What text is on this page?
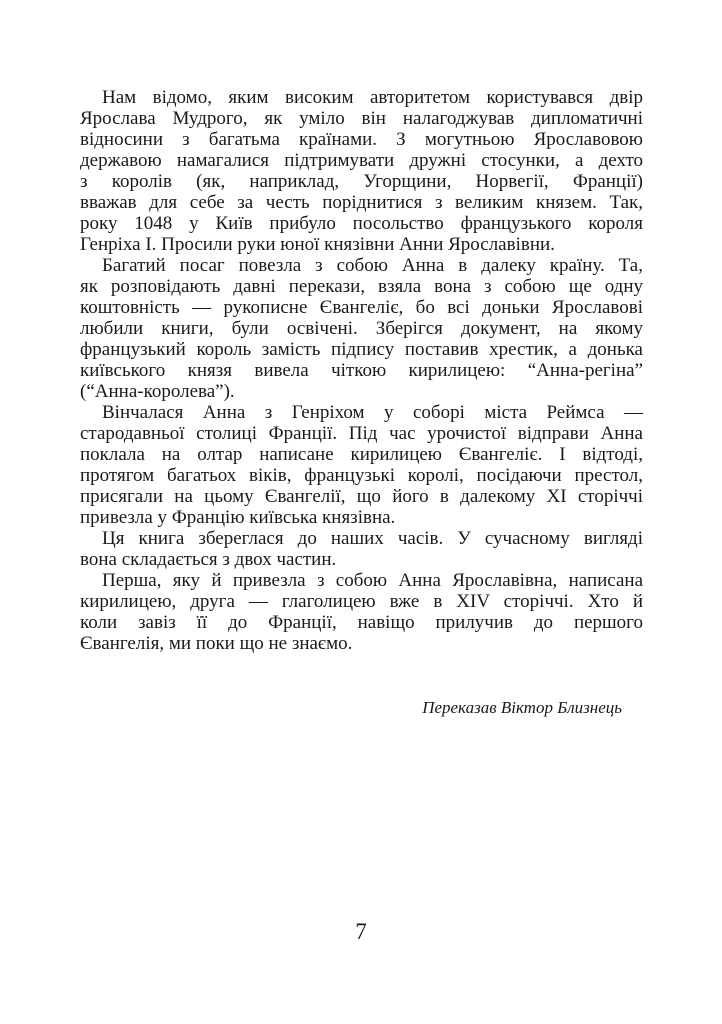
Нам відомо, яким високим авторитетом користувався двір
Ярослава Мудрого, як уміло він налагоджував дипломатичні
відносини з багатьма країнами. З могутньою Ярославовою
державою намагалися підтримувати дружні стосунки, а дехто
з королів (як, наприклад, Угорщини, Норвегії, Франції)
вважав для себе за честь поріднитися з великим князем. Так,
року 1048 у Київ прибуло посольство французького короля
Генріха І. Просили руки юної князівни Анни Ярославівни.
Багатий посаг повезла з собою Анна в далеку країну. Та,
як розповідають давні перекази, взяла вона з собою ще одну
коштовність — рукописне Євангеліє, бо всі доньки Ярославові
любили книги, були освічені. Зберігся документ, на якому
французький король замість підпису поставив хрестик, а донька
київського князя вивела чіткою кирилицею: “Анна-регіна”
(“Анна-королева”).
Вінчалася Анна з Генріхом у соборі міста Реймса —
стародавньої столиці Франції. Під час урочистої відправи Анна
поклала на олтар написане кирилицею Євангеліє. І відтоді,
протягом багатьох віків, французькі королі, посідаючи престол,
присягали на цьому Євангелії, що його в далекому ХІ сторіччі
привезла у Францію київська князівна.
Ця книга збереглася до наших часів. У сучасному вигляді
вона складається з двох частин.
Перша, яку й привезла з собою Анна Ярославівна, написана
кирилицею, друга — глаголицею вже в XIV сторіччі. Хто й
коли завіз її до Франції, навіщо прилучив до першого
Євангелія, ми поки що не знаємо.
Переказав Віктор Близнець
7
